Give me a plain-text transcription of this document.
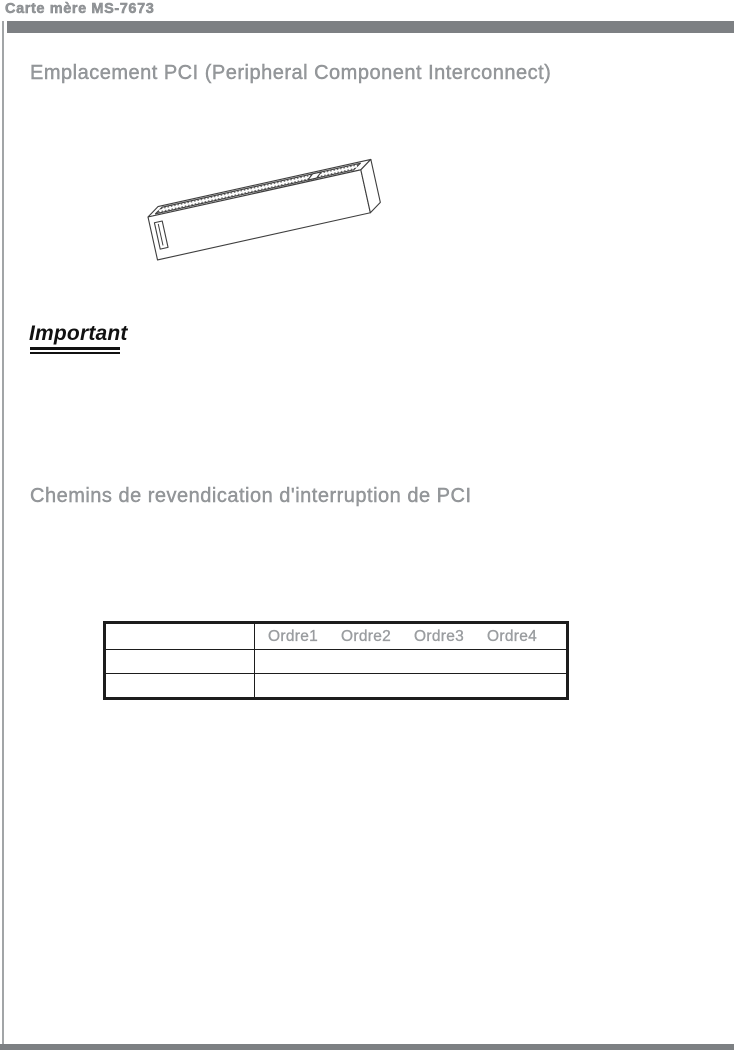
Carte mère MS-7673
Emplacement PCI (Peripheral Component Interconnect)
Important
Chemins de revendication d'interruption de PCI

	Ordre1 Ordre2 Ordre3 Ordre4
